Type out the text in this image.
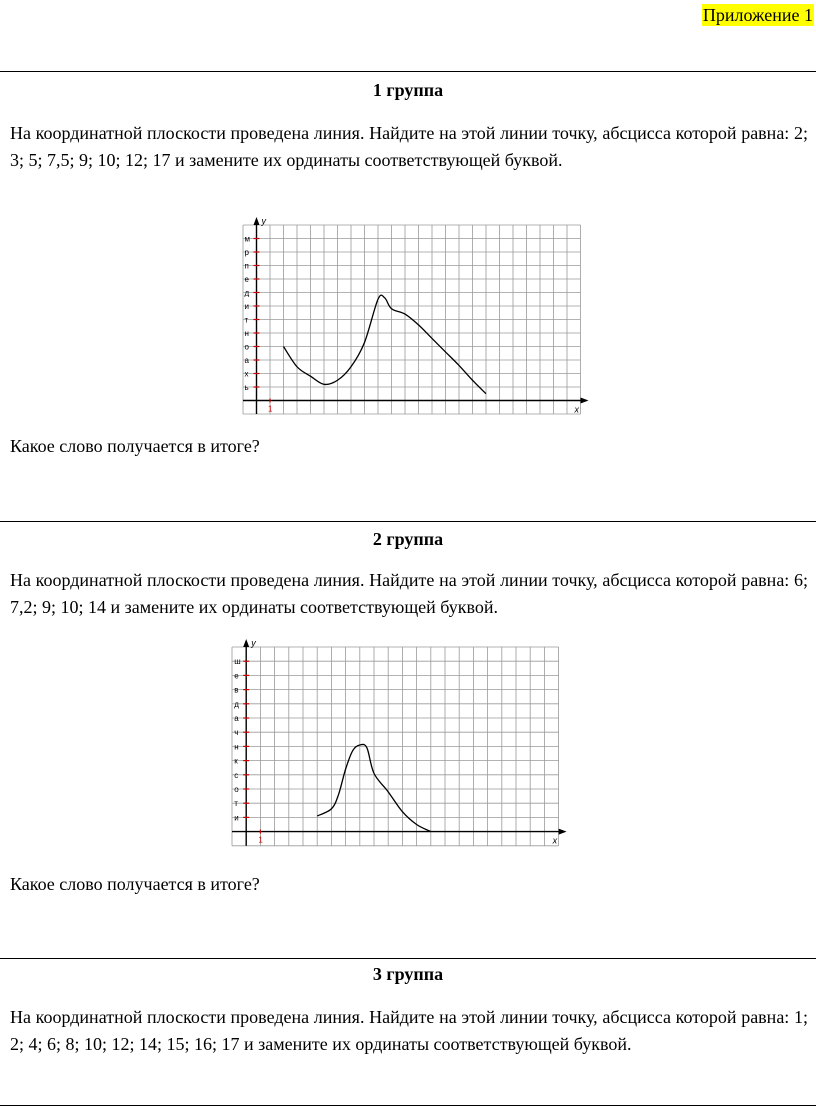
Приложение 1
1 группа
На координатной плоскости проведена линия. Найдите на этой линии точку, абсцисса которой равна: 2; 3; 5; 7,5; 9; 10; 12; 17 и замените их ординаты соответствующей буквой.
x
y
1
ь
х
а
о
н
т
и
д
е
п
р
м
Какое слово получается в итоге?
2 группа
На координатной плоскости проведена линия. Найдите на этой линии точку, абсцисса которой равна: 6; 7,2; 9; 10; 14 и замените их ординаты соответствующей буквой.
x
y
1
и
т
о
с
к
н
ч
а
д
в
е
ш
Какое слово получается в итоге?
3 группа
На координатной плоскости проведена линия. Найдите на этой линии точку, абсцисса которой равна: 1; 2; 4; 6; 8; 10; 12; 14; 15; 16; 17 и замените их ординаты соответствующей буквой.
